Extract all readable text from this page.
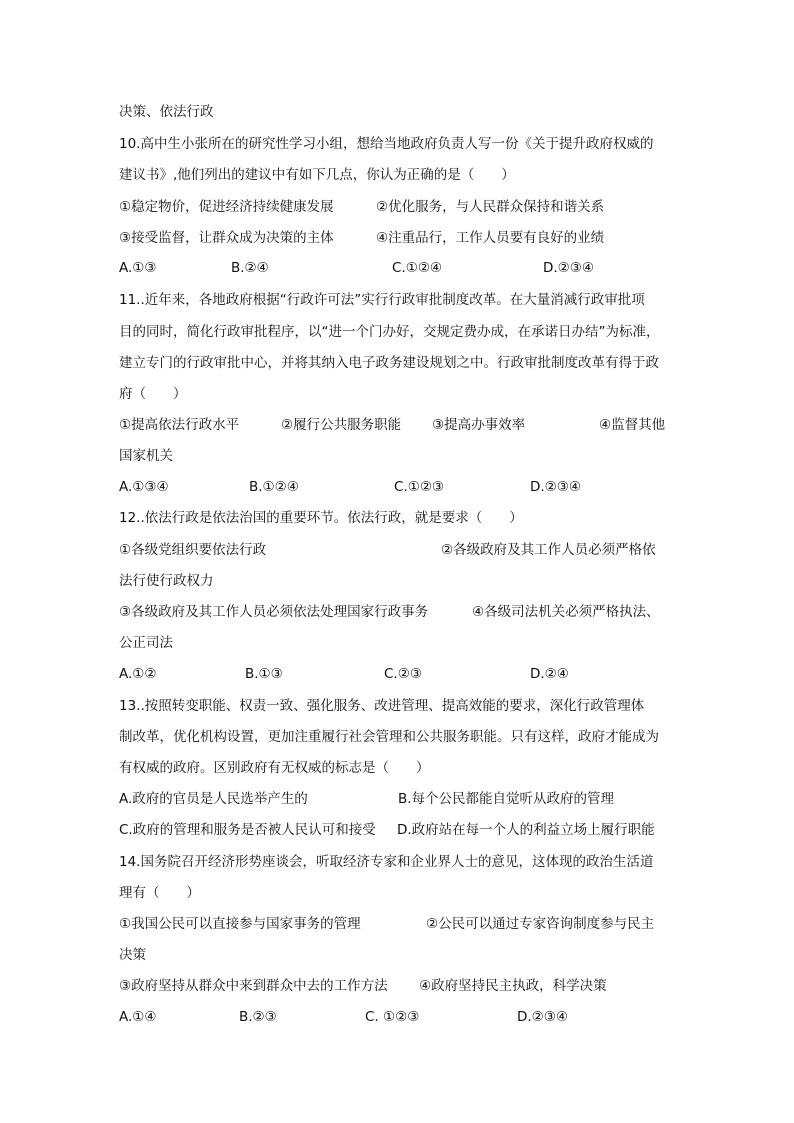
决策、依法行政
10.高中生小张所在的研究性学习小组，想给当地政府负责人写一份《关于提升政府权威的
建议书》,他们列出的建议中有如下几点，你认为正确的是（　　）
①稳定物价，促进经济持续健康发展	②优化服务，与人民群众保持和谐关系
③接受监督，让群众成为决策的主体	④注重品行，工作人员要有良好的业绩
A.①③	B.②④	C.①②④	D.②③④
11..近年来，各地政府根据“行政许可法”实行行政审批制度改革。在大量消减行政审批项
目的同时，简化行政审批程序，以“进一个门办好，交规定费办成，在承诺日办结”为标准，
建立专门的行政审批中心，并将其纳入电子政务建设规划之中。行政审批制度改革有得于政
府（　　）
①提高依法行政水平	②履行公共服务职能 ③提高办事效率	④监督其他
国家机关
A.①③④	B.①②④	C.①②③	D.②③④
12..依法行政是依法治国的重要环节。依法行政，就是要求（　　）
①各级党组织要依法行政	②各级政府及其工作人员必须严格依
法行使行政权力
③各级政府及其工作人员必须依法处理国家行政事务	④各级司法机关必须严格执法、
公正司法
A.①②	B.①③	C.②③	D.②④
13..按照转变职能、权责一致、强化服务、改进管理、提高效能的要求，深化行政管理体
制改革，优化机构设置，更加注重履行社会管理和公共服务职能。只有这样，政府才能成为
有权威的政府。区别政府有无权威的标志是（　　）
A.政府的官员是人民选举产生的	B.每个公民都能自觉听从政府的管理
C.政府的管理和服务是否被人民认可和接受 D.政府站在每一个人的利益立场上履行职能
14.国务院召开经济形势座谈会，听取经济专家和企业界人士的意见，这体现的政治生活道
理有（　　）
①我国公民可以直接参与国家事务的管理	②公民可以通过专家咨询制度参与民主
决策
③政府坚持从群众中来到群众中去的工作方法 ④政府坚持民主执政，科学决策
A.①④	B.②③	C. ①②③	D.②③④
